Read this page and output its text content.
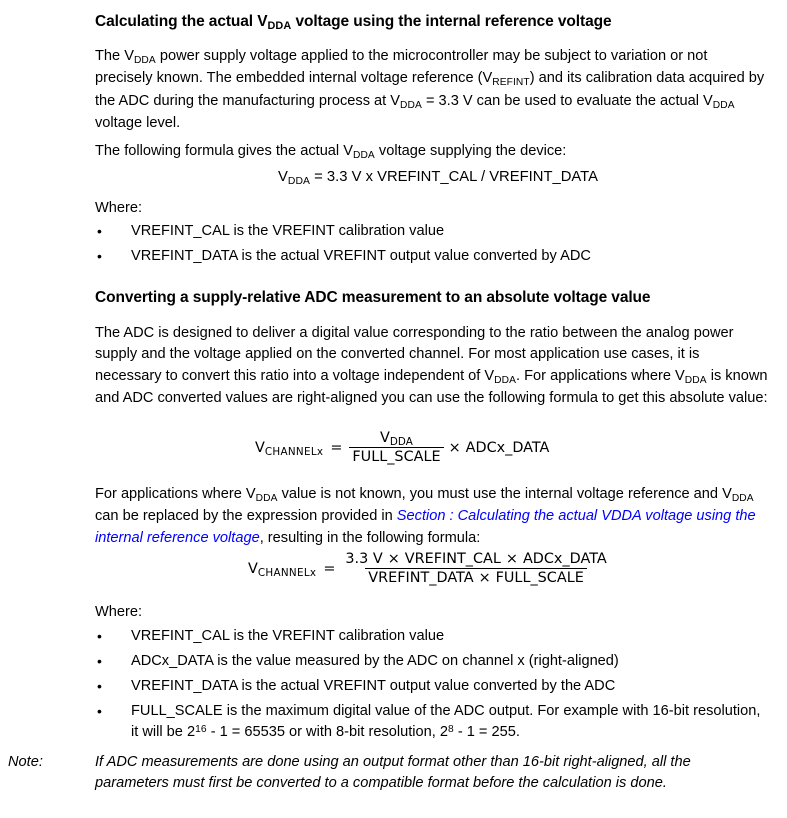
Calculating the actual $V_{DDA}$ voltage using the internal reference voltage

The $V_{DDA}$ power supply voltage applied to the microcontroller may be subject to variation or not precisely known. The embedded internal voltage reference $(V_{REFINT})$ and its calibration data acquired by the ADC during the manufacturing process at $V_{DDA} = 3.3$ V can be used to evaluate the actual $V_{DDA}$ voltage level.

The following formula gives the actual $V_{DDA}$ voltage supplying the device:

$V_{DDA} = 3.3$ V x VREFINT_CAL / VREFINT_DATA

Where:

• VREFINT_CAL is the VREFINT calibration value
• VREFINT_DATA is the actual VREFINT output value converted by ADC
Converting a supply-relative ADC measurement to an absolute voltage value

The ADC is designed to deliver a digital value corresponding to the ratio between the analog power supply and the voltage applied on the converted channel. For most application use cases, it is necessary to convert this ratio into a voltage independent of $V_{DDA}$. For applications where $V_{DDA}$ is known and ADC converted values are right-aligned you can use the following formula to get this absolute value:

$V_{CHANNELx} = \frac{V_{DDA}}{\text{FULL\_SCALE}}$ × ADCx_DATA

For applications where $V_{DDA}$ value is not known, you must use the internal voltage reference and $V_{DDA}$ can be replaced by the expression provided in Section : Calculating the actual VDDA voltage using the internal reference voltage, resulting in the following formula:

$V_{CHANNELx} = \frac{\text{3.3 V × VREFINT\_CAL × ADCx\_DATA}}{\text{VREFINT\_DATA × FULL\_SCALE}}$

Where:

• VREFINT_CAL is the VREFINT calibration value
• ADCx_DATA is the value measured by the ADC on channel x (right-aligned)
• VREFINT_DATA is the actual VREFINT output value converted by the ADC
• FULL_SCALE is the maximum digital value of the ADC output. For example with 16-bit resolution, it will be $2^{16} - 1 = 65535$ or with 8-bit resolution, $2^8 - 1 = 255$.
Note:	If ADC measurements are done using an output format other than 16-bit right-aligned, all the parameters must first be converted to a compatible format before the calculation is done.
